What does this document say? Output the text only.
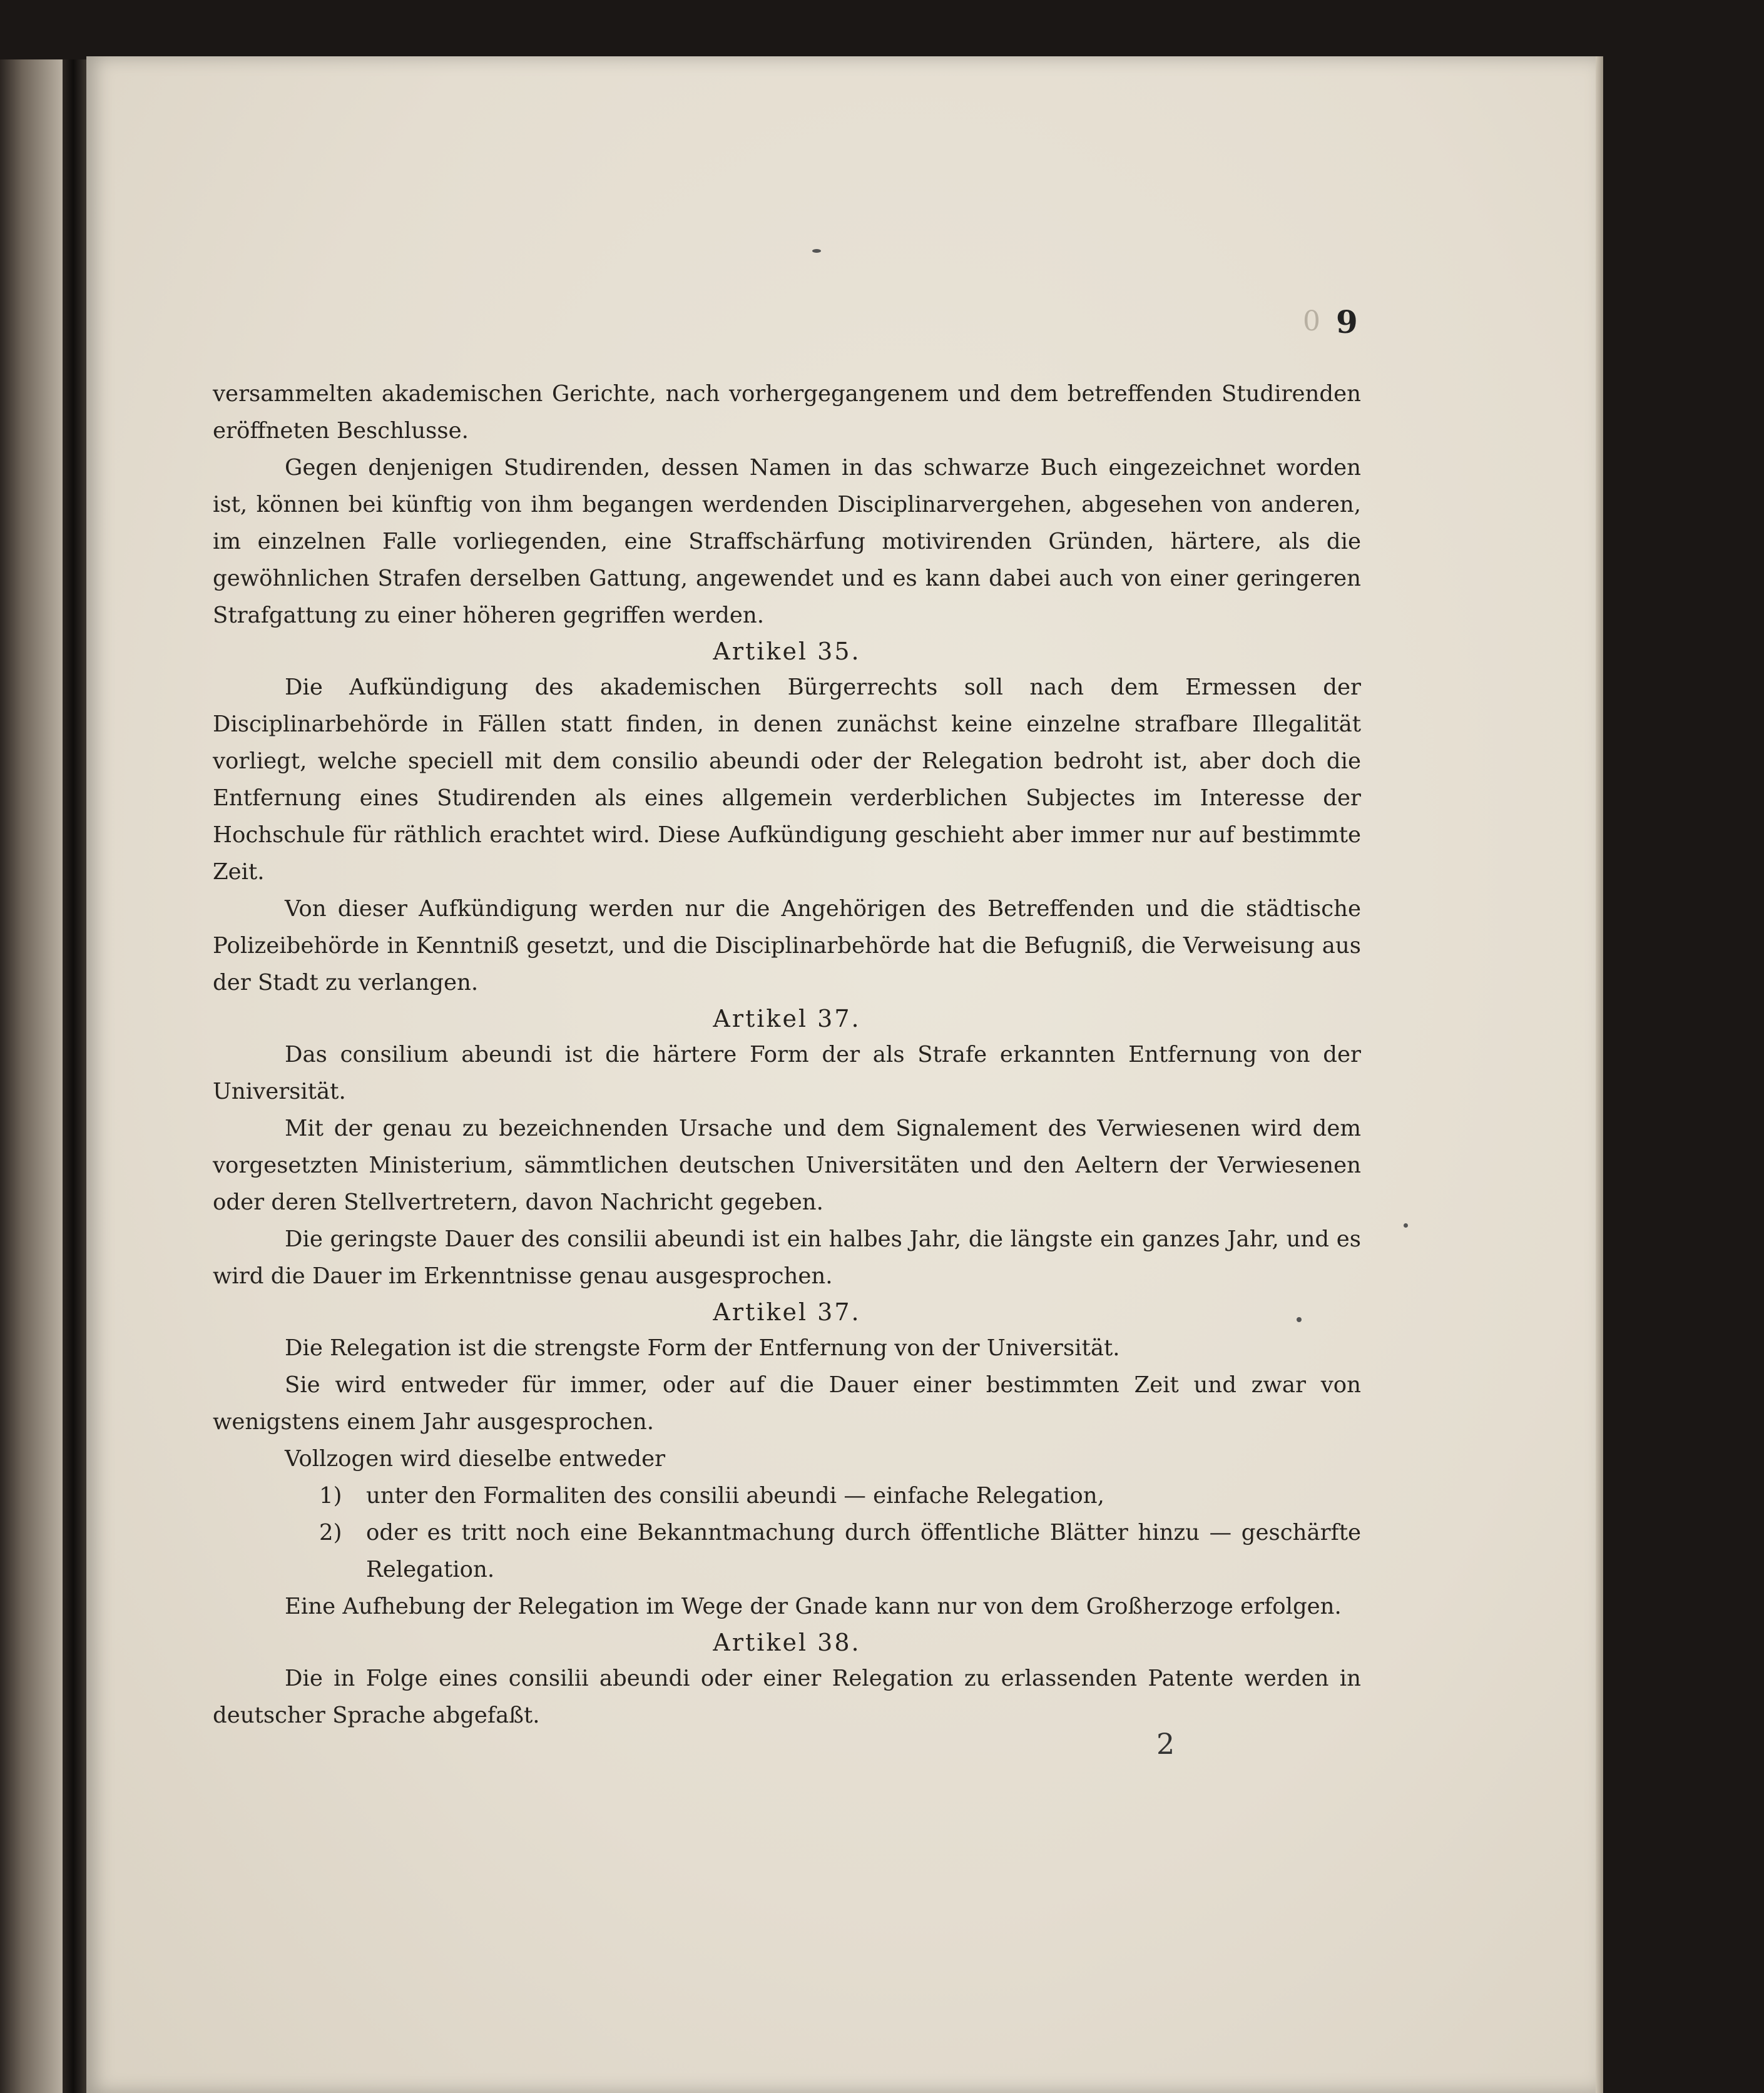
0 9

versammelten akademischen Gerichte, nach vorhergegangenem und dem betreffenden Studirenden eröffneten Beschlusse.

Gegen denjenigen Studirenden, dessen Namen in das schwarze Buch eingezeichnet worden ist, können bei künftig von ihm begangen werdenden Disciplinarvergehen, abgesehen von anderen, im einzelnen Falle vorliegenden, eine Straffschärfung motivirenden Gründen, härtere, als die gewöhnlichen Strafen derselben Gattung, angewendet und es kann dabei auch von einer geringeren Strafgattung zu einer höheren gegriffen werden.

Artikel 35.

Die Aufkündigung des akademischen Bürgerrechts soll nach dem Ermessen der Disciplinarbehörde in Fällen statt finden, in denen zunächst keine einzelne strafbare Illegalität vorliegt, welche speciell mit dem consilio abeundi oder der Relegation bedroht ist, aber doch die Entfernung eines Studirenden als eines allgemein verderblichen Subjectes im Interesse der Hochschule für räthlich erachtet wird. Diese Aufkündigung geschieht aber immer nur auf bestimmte Zeit.

Von dieser Aufkündigung werden nur die Angehörigen des Betreffenden und die städtische Polizeibehörde in Kenntniß gesetzt, und die Disciplinarbehörde hat die Befugniß, die Verweisung aus der Stadt zu verlangen.

Artikel 37.

Das consilium abeundi ist die härtere Form der als Strafe erkannten Entfernung von der Universität.

Mit der genau zu bezeichnenden Ursache und dem Signalement des Verwiesenen wird dem vorgesetzten Ministerium, sämmtlichen deutschen Universitäten und den Aeltern der Verwiesenen oder deren Stellvertretern, davon Nachricht gegeben.

Die geringste Dauer des consilii abeundi ist ein halbes Jahr, die längste ein ganzes Jahr, und es wird die Dauer im Erkenntnisse genau ausgesprochen.

Artikel 37.

Die Relegation ist die strengste Form der Entfernung von der Universität.

Sie wird entweder für immer, oder auf die Dauer einer bestimmten Zeit und zwar von wenigstens einem Jahr ausgesprochen.

Vollzogen wird dieselbe entweder

1)	unter den Formaliten des consilii abeundi — einfache Relegation,

2)	oder es tritt noch eine Bekanntmachung durch öffentliche Blätter hinzu — geschärfte Relegation.

Eine Aufhebung der Relegation im Wege der Gnade kann nur von dem Großherzoge erfolgen.

Artikel 38.

Die in Folge eines consilii abeundi oder einer Relegation zu erlassenden Patente werden in deutscher Sprache abgefaßt.

2
